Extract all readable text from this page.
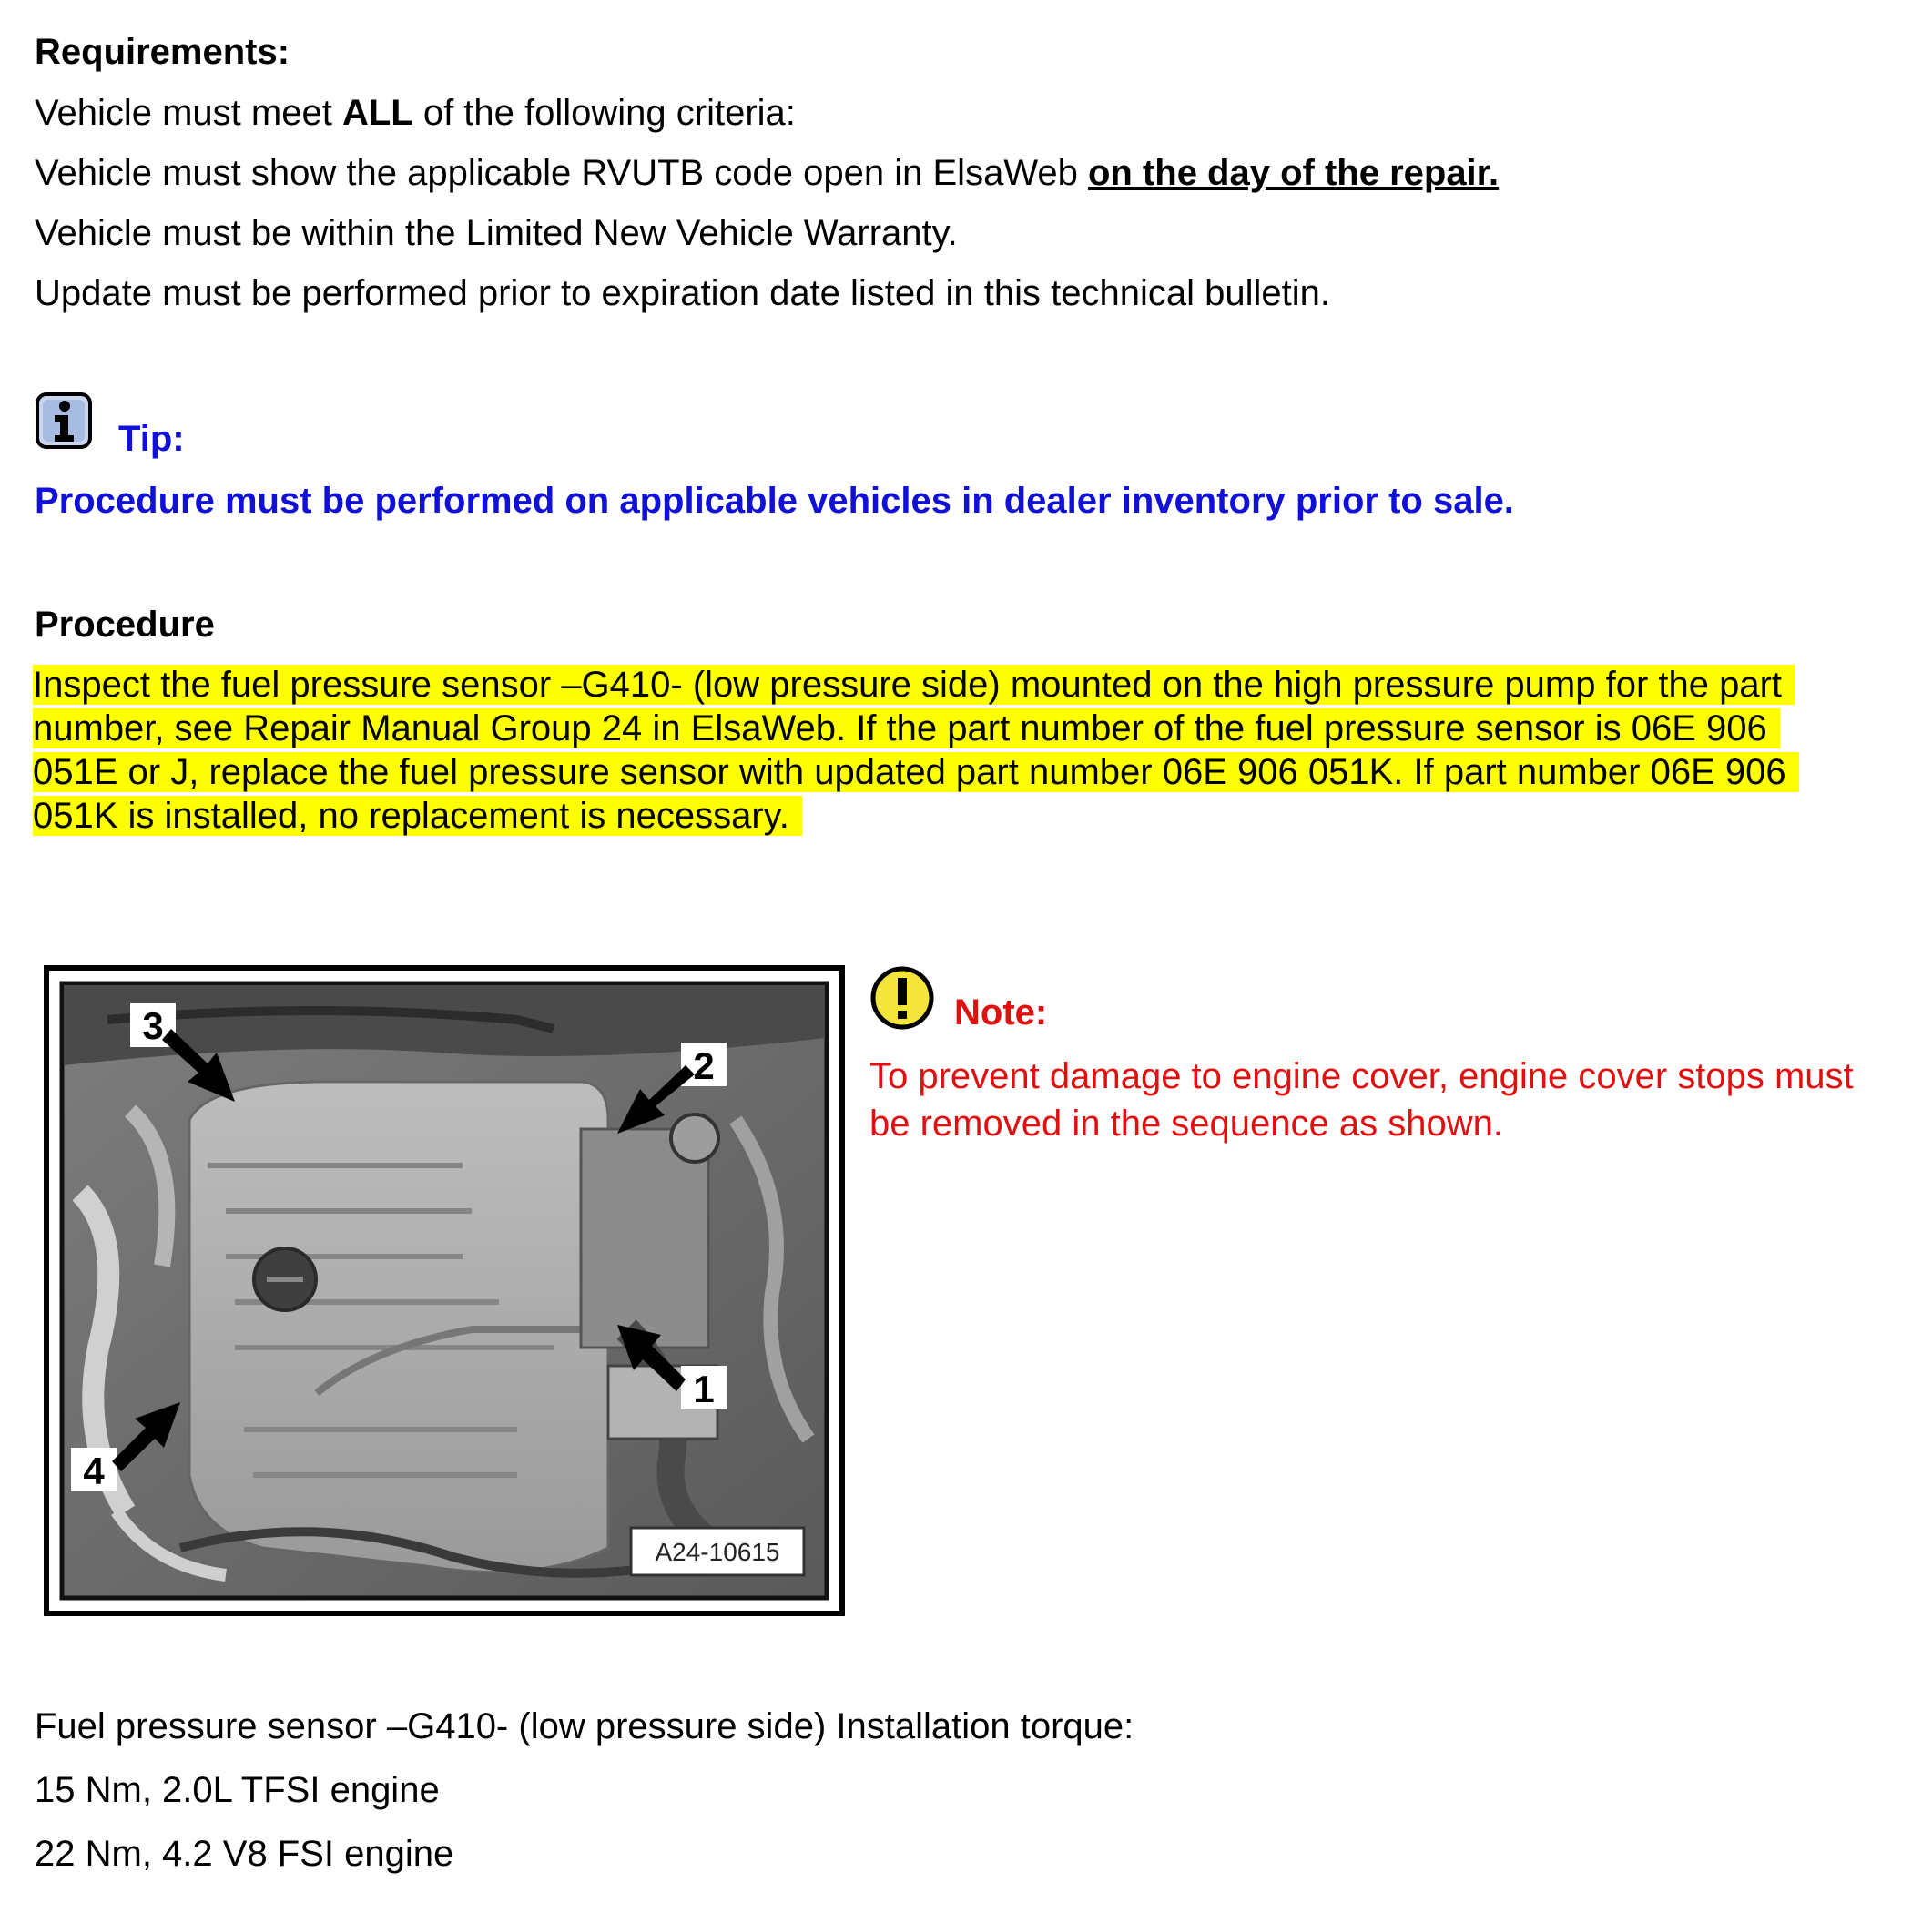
Requirements:
Vehicle must meet ALL of the following criteria:
Vehicle must show the applicable RVUTB code open in ElsaWeb on the day of the repair.
Vehicle must be within the Limited New Vehicle Warranty.
Update must be performed prior to expiration date listed in this technical bulletin.
Tip:
Procedure must be performed on applicable vehicles in dealer inventory prior to sale.
Procedure
Inspect the fuel pressure sensor –G410- (low pressure side) mounted on the high pressure pump for the part
number, see Repair Manual Group 24 in ElsaWeb. If the part number of the fuel pressure sensor is 06E 906
051E or J, replace the fuel pressure sensor with updated part number 06E 906 051K. If part number 06E 906
051K is installed, no replacement is necessary.
3
2
1
4
A24-10615
Note:
To prevent damage to engine cover, engine cover stops must
be removed in the sequence as shown.
Fuel pressure sensor –G410- (low pressure side) Installation torque:
15 Nm, 2.0L TFSI engine
22 Nm, 4.2 V8 FSI engine
